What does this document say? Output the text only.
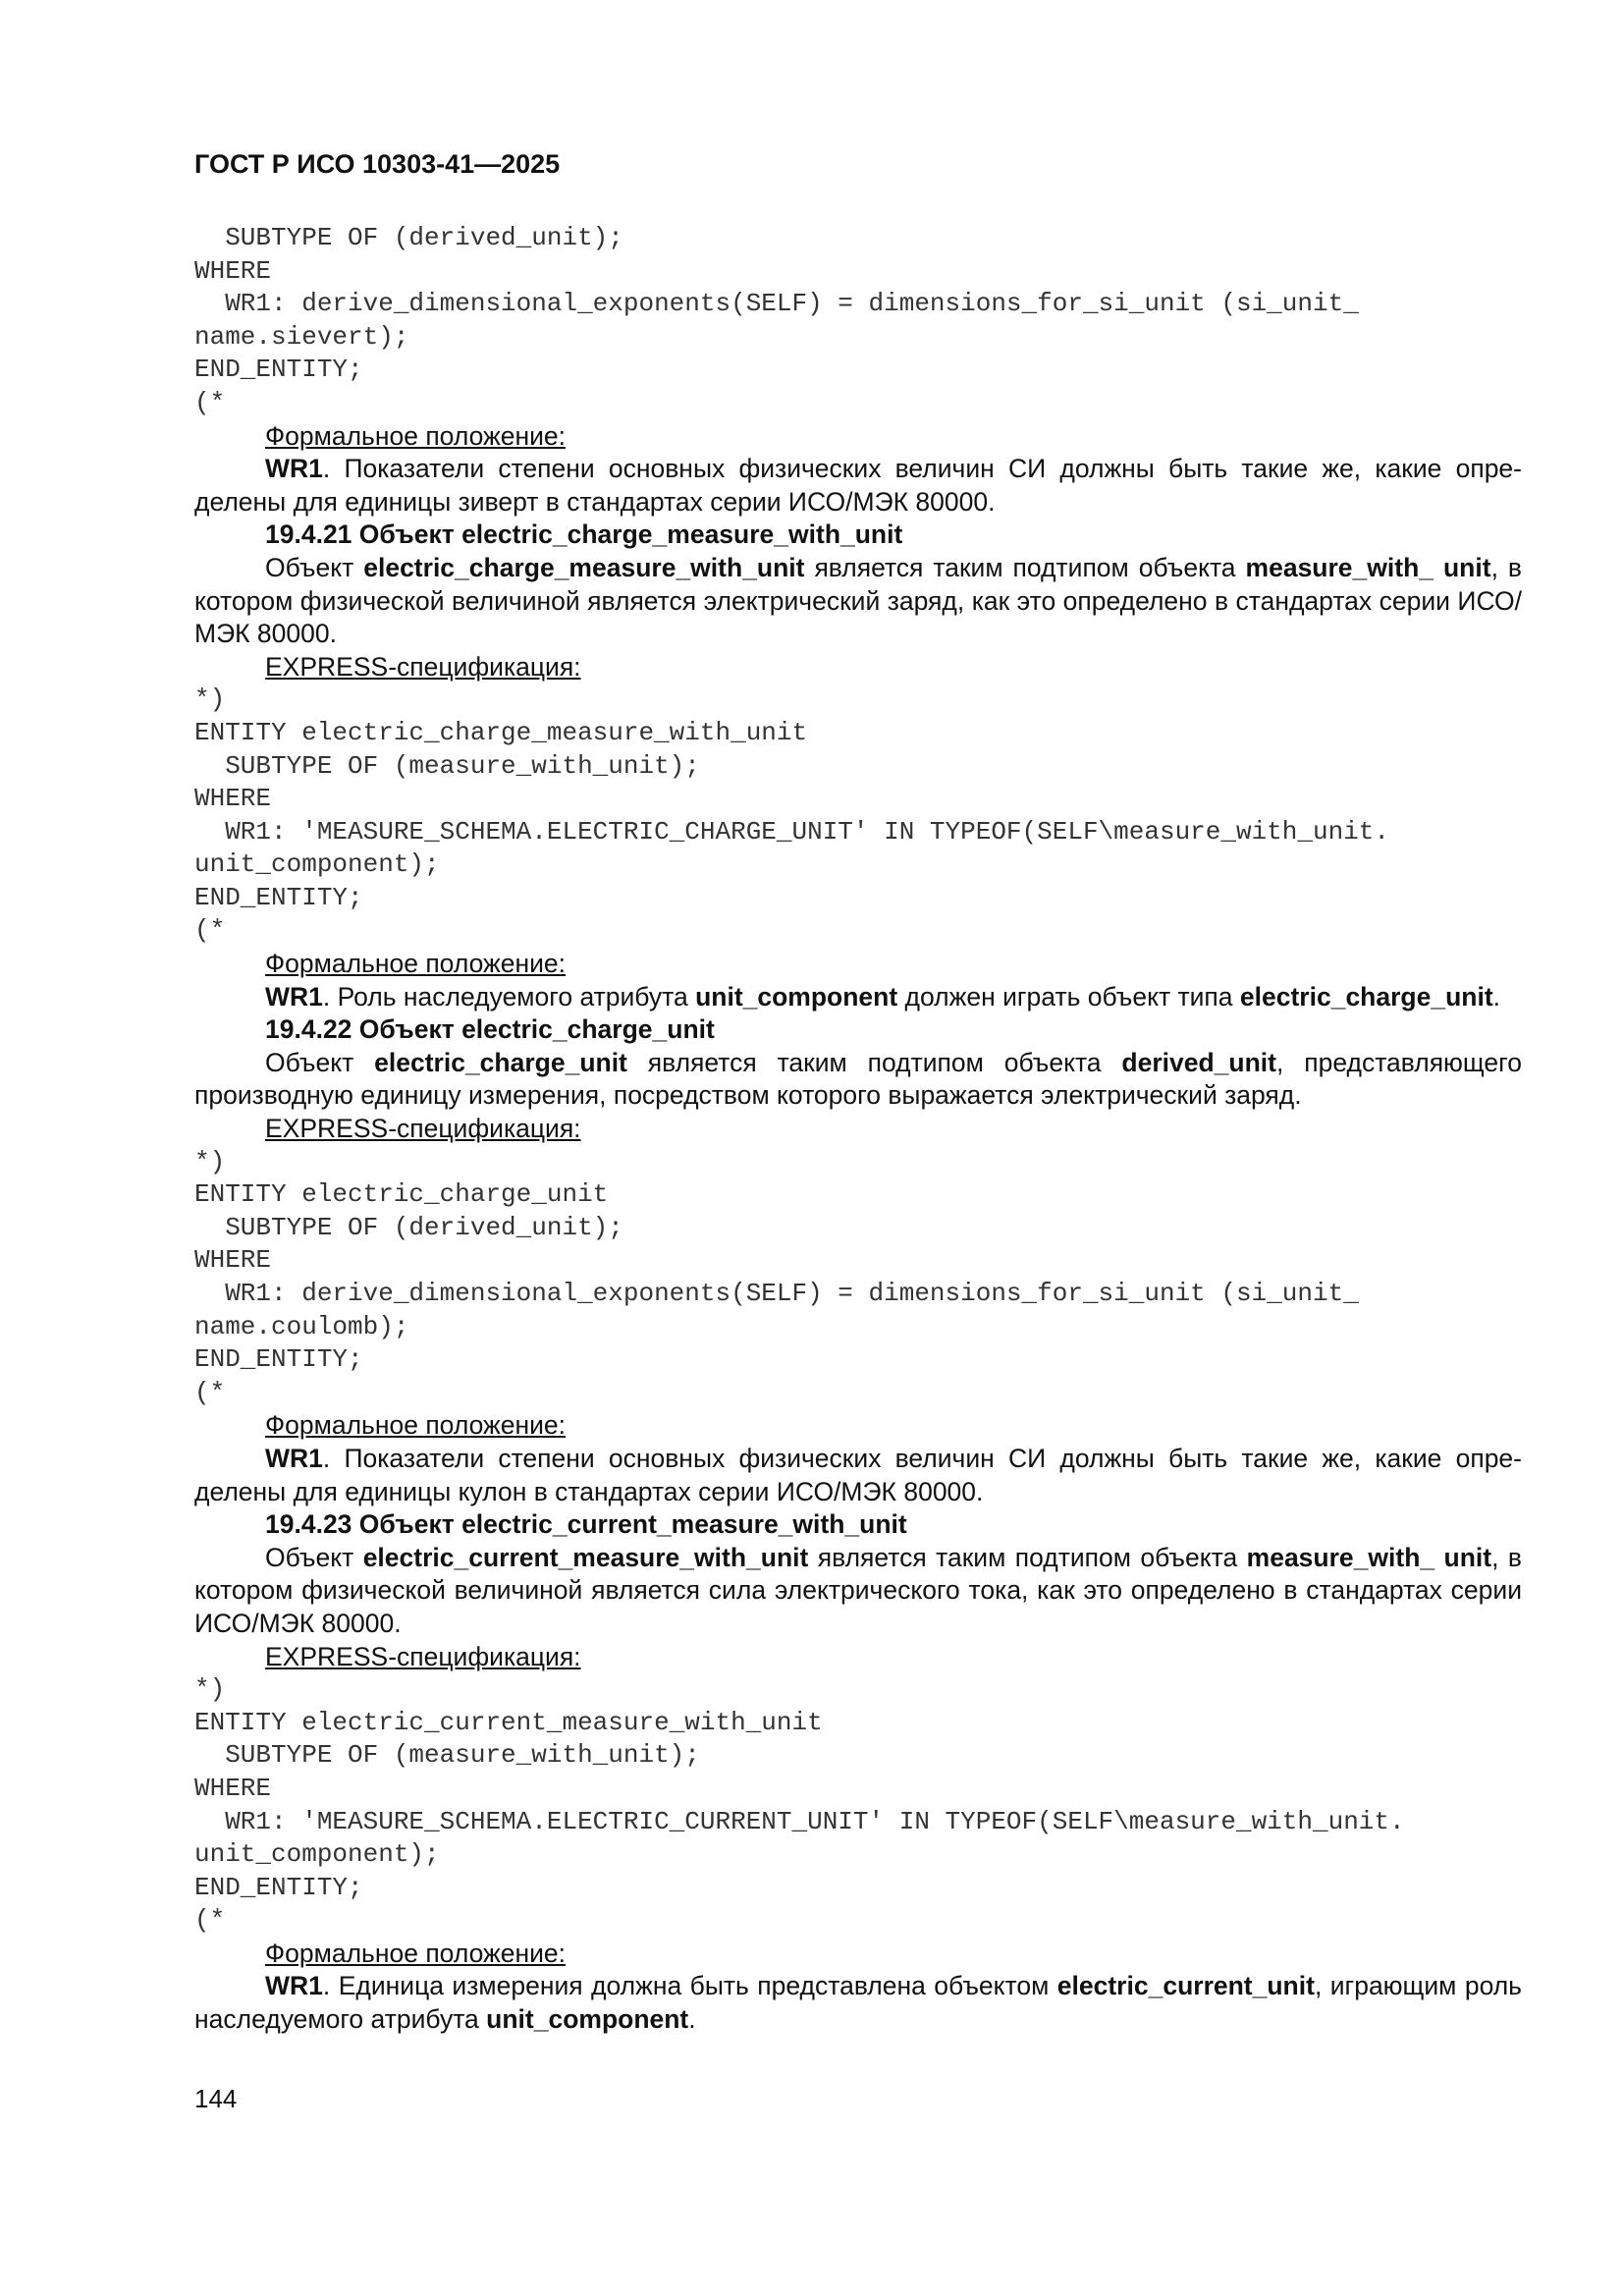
ГОСТ Р ИСО 10303-41—2025
SUBTYPE OF (derived_unit);
WHERE
WR1: derive_dimensional_exponents(SELF) = dimensions_for_si_unit (si_unit_
name.sievert);
END_ENTITY;
(*

Формальное положение:

WR1. Показатели степени основных физических величин СИ должны быть такие же, какие определены для единицы зиверт в стандартах серии ИСО/МЭК 80000.

19.4.21 Объект electric_charge_measure_with_unit

Объект electric_charge_measure_with_unit является таким подтипом объекта measure_with_ unit, в котором физической величиной является электрический заряд, как это определено в стандартах серии ИСО/МЭК 80000.

EXPRESS-спецификация:

*)
ENTITY electric_charge_measure_with_unit
SUBTYPE OF (measure_with_unit);
WHERE
WR1: 'MEASURE_SCHEMA.ELECTRIC_CHARGE_UNIT' IN TYPEOF(SELF\measure_with_unit.
unit_component);
END_ENTITY;
(*

Формальное положение:

WR1. Роль наследуемого атрибута unit_component должен играть объект типа electric_charge_unit.

19.4.22 Объект electric_charge_unit

Объект electric_charge_unit является таким подтипом объекта derived_unit, представляющего производную единицу измерения, посредством которого выражается электрический заряд.

EXPRESS-спецификация:

*)
ENTITY electric_charge_unit
SUBTYPE OF (derived_unit);
WHERE
WR1: derive_dimensional_exponents(SELF) = dimensions_for_si_unit (si_unit_
name.coulomb);
END_ENTITY;
(*

Формальное положение:

WR1. Показатели степени основных физических величин СИ должны быть такие же, какие определены для единицы кулон в стандартах серии ИСО/МЭК 80000.

19.4.23 Объект electric_current_measure_with_unit

Объект electric_current_measure_with_unit является таким подтипом объекта measure_with_ unit, в котором физической величиной является сила электрического тока, как это определено в стандартах серии ИСО/МЭК 80000.

EXPRESS-спецификация:

*)
ENTITY electric_current_measure_with_unit
SUBTYPE OF (measure_with_unit);
WHERE
WR1: 'MEASURE_SCHEMA.ELECTRIC_CURRENT_UNIT' IN TYPEOF(SELF\measure_with_unit.
unit_component);
END_ENTITY;
(*

Формальное положение:

WR1. Единица измерения должна быть представлена объектом electric_current_unit, играющим роль наследуемого атрибута unit_component.

144
